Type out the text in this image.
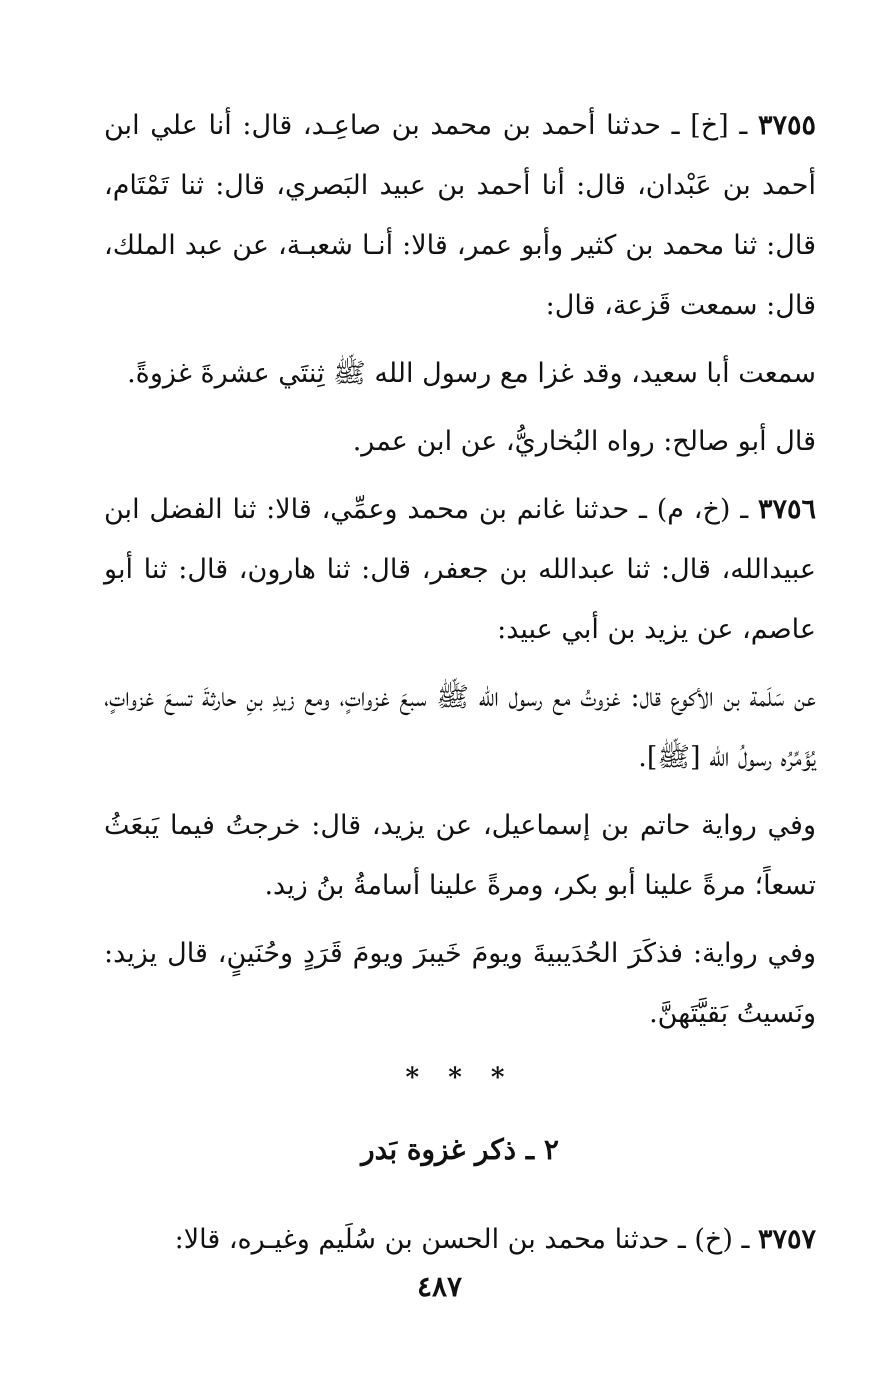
٣٧٥٥ ـ [خ] ـ حدثنا أحمد بن محمد بن صاعِـد، قال: أنا علي ابن أحمد بن عَبْدان، قال: أنا أحمد بن عبيد البَصري، قال: ثنا تَمْتَام، قال: ثنا محمد بن كثير وأبو عمر، قالا: أنـا شعبـة، عن عبد الملك، قال: سمعت قَزعة، قال:

سمعت أبا سعيد، وقد غزا مع رسول الله ﷺ ثِنتَي عشرةَ غزوةً.

قال أبو صالح: رواه البُخاريُّ، عن ابن عمر.

٣٧٥٦ ـ (خ، م) ـ حدثنا غانم بن محمد وعمِّي، قالا: ثنا الفضل ابن عبيدالله، قال: ثنا عبدالله بن جعفر، قال: ثنا هارون، قال: ثنا أبو عاصم، عن يزيد بن أبي عبيد:

عن سَلَمة بن الأكوع قال: غزوتُ مع رسول الله ﷺ سبعَ غزواتٍ، ومع زيدِ بنِ حارثةَ تسعَ غزواتٍ، يُؤَمِّرُه رسولُ الله [ﷺ].

وفي رواية حاتم بن إسماعيل، عن يزيد، قال: خرجتُ فيما يَبعَثُ تسعاً؛ مرةً علينا أبو بكر، ومرةً علينا أسامةُ بنُ زيد.

وفي رواية: فذكَرَ الحُدَيبيةَ ويومَ خَيبرَ ويومَ قَرَدٍ وحُنَينٍ، قال يزيد: ونَسيتُ بَقيَّتَهنَّ.

* * *
٢ ـ ذكر غزوة بَدر

٣٧٥٧ ـ (خ) ـ حدثنا محمد بن الحسن بن سُلَيم وغيـره، قالا:

٤٨٧
